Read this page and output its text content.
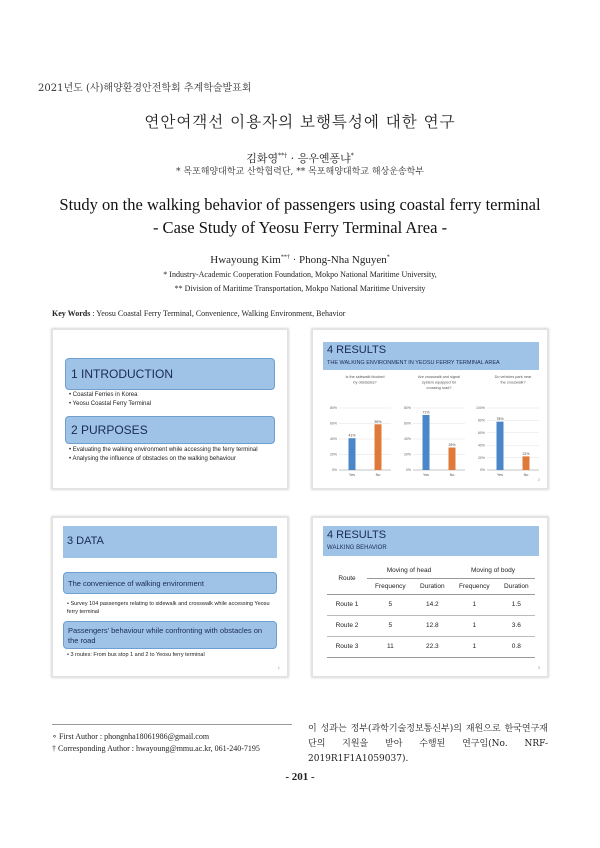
2021년도 (사)해양환경안전학회 추계학술발표회
연안여객선 이용자의 보행특성에 대한 연구
김화영**† · 응우옌퐁냐*
* 목포해양대학교 산학협력단, ** 목포해양대학교 해상운송학부
Study on the walking behavior of passengers using coastal ferry terminal
- Case Study of Yeosu Ferry Terminal Area -
Hwayoung Kim**† · Phong-Nha Nguyen*
* Industry-Academic Cooperation Foundation, Mokpo National Maritime University,
** Division of Maritime Transportation, Mokpo National Maritime University
Key Words : Yeosu Coastal Ferry Terminal, Convenience, Walking Environment, Behavior
1 INTRODUCTION
• Coastal Ferries in Korea
• Yeosu Coastal Ferry Terminal
2 PURPOSES
• Evaluating the walking environment while accessing the ferry terminal
• Analysing the influence of obstacles on the walking behaviour
4 RESULTS
THE WALKING ENVIRONMENT IN YEOSU FERRY TERMINAL AREA
Is the sidewalk blocked
by obstacles?
0%
20%
40%
60%
80%
41%
Yes
59%
No
Are crosswalk and signal
system equipped for
crossing road?
0%
20%
40%
60%
80%
71%
Yes
29%
No
Do vehicles park near
the crosswalk?
0%
20%
40%
60%
80%
100%
78%
Yes
22%
No
2
3 DATA
The convenience of walking environment
• Survey 104 passengers relating to sidewalk and crosswalk while accessing Yeosu ferry terminal
Passengers' behaviour while confronting with obstacles on the road
• 3 routes: From bus stop 1 and 2 to Yeosu ferry terminal
1
4 RESULTS
WALKING BEHAVIOR
Route	Moving of head		Moving of body	
	Frequency	Duration	Frequency	Duration
Route 1	5	14.2	1	1.5
Route 2	5	12.8	1	3.6
Route 3	11	22.3	1	0.8
3
∘ First Author : phongnha18061986@gmail.com
† Corresponding Author : hwayoung@mmu.ac.kr, 061-240-7195
이 성과는 정부(과학기술정보통신부)의 재원으로 한국연구재단의 지원을 받아 수행된 연구임(No. NRF-2019R1F1A1059037).
- 201 -
